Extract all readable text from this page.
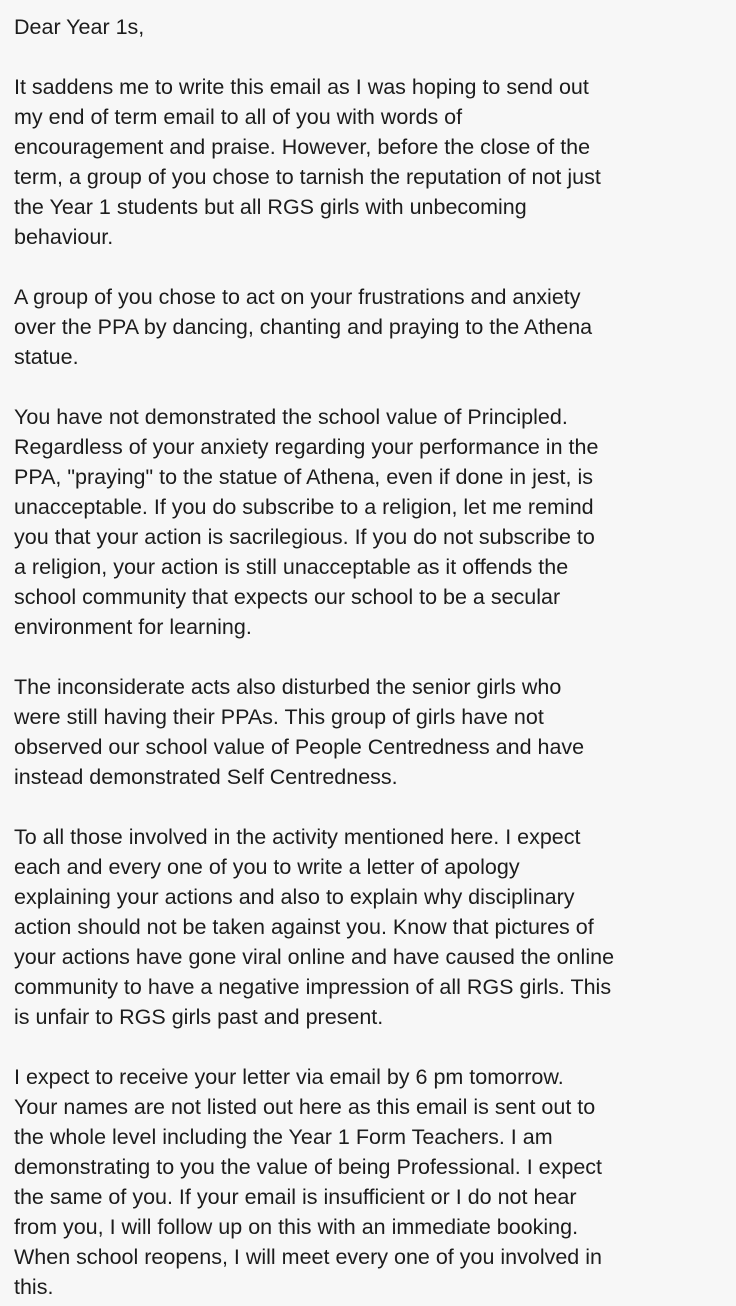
Dear Year 1s,
It saddens me to write this email as I was hoping to send out
my end of term email to all of you with words of
encouragement and praise. However, before the close of the
term, a group of you chose to tarnish the reputation of not just
the Year 1 students but all RGS girls with unbecoming
behaviour.
A group of you chose to act on your frustrations and anxiety
over the PPA by dancing, chanting and praying to the Athena
statue.
You have not demonstrated the school value of Principled.
Regardless of your anxiety regarding your performance in the
PPA, "praying" to the statue of Athena, even if done in jest, is
unacceptable. If you do subscribe to a religion, let me remind
you that your action is sacrilegious. If you do not subscribe to
a religion, your action is still unacceptable as it offends the
school community that expects our school to be a secular
environment for learning.
The inconsiderate acts also disturbed the senior girls who
were still having their PPAs. This group of girls have not
observed our school value of People Centredness and have
instead demonstrated Self Centredness.
To all those involved in the activity mentioned here. I expect
each and every one of you to write a letter of apology
explaining your actions and also to explain why disciplinary
action should not be taken against you. Know that pictures of
your actions have gone viral online and have caused the online
community to have a negative impression of all RGS girls. This
is unfair to RGS girls past and present.
I expect to receive your letter via email by 6 pm tomorrow.
Your names are not listed out here as this email is sent out to
the whole level including the Year 1 Form Teachers. I am
demonstrating to you the value of being Professional. I expect
the same of you. If your email is insufficient or I do not hear
from you, I will follow up on this with an immediate booking.
When school reopens, I will meet every one of you involved in
this.
